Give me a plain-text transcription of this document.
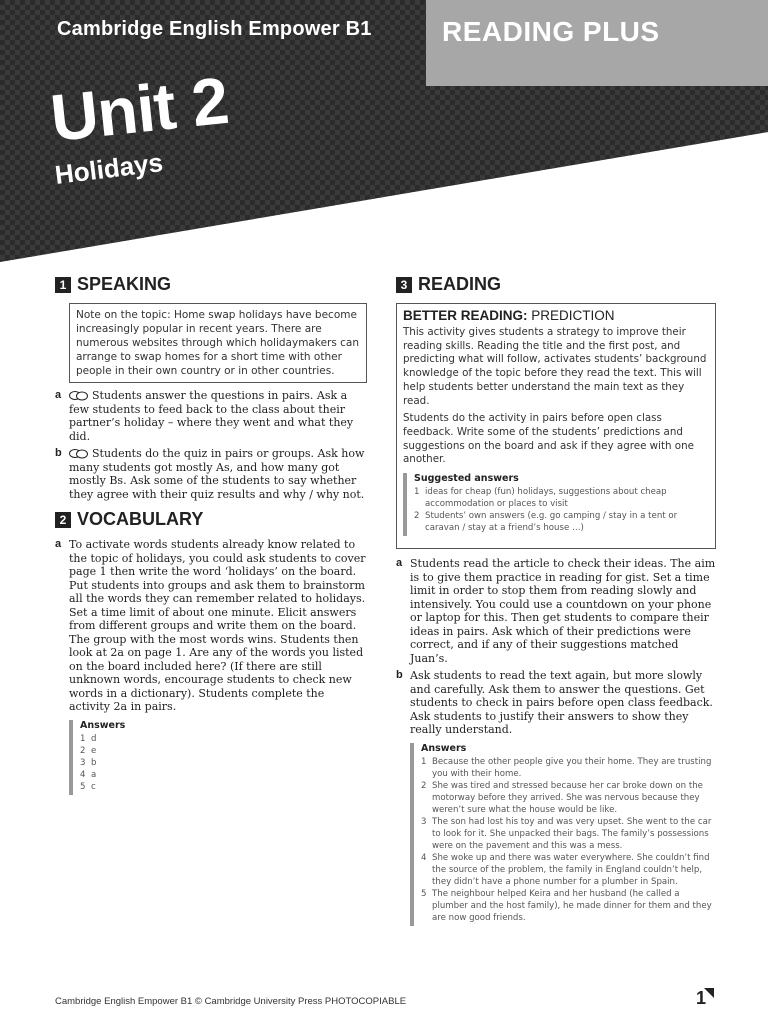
Cambridge English Empower B1	READING PLUS
Unit 2
Holidays
1 SPEAKING
Note on the topic: Home swap holidays have become increasingly popular in recent years. There are numerous websites through which holidaymakers can arrange to swap homes for a short time with other people in their own country or in other countries.
a	Students answer the questions in pairs. Ask a few students to feed back to the class about their partner’s holiday – where they went and what they did.
b	Students do the quiz in pairs or groups. Ask how many students got mostly As, and how many got mostly Bs. Ask some of the students to say whether they agree with their quiz results and why / why not.
2 VOCABULARY
a To activate words students already know related to the topic of holidays, you could ask students to cover page 1 then write the word ‘holidays’ on the board. Put students into groups and ask them to brainstorm all the words they can remember related to holidays. Set a time limit of about one minute. Elicit answers from different groups and write them on the board. The group with the most words wins. Students then look at 2a on page 1. Are any of the words you listed on the board included here? (If there are still unknown words, encourage students to check new words in a dictionary). Students complete the activity 2a in pairs.
Answers
1 d
2 e
3 b
4 a
5 c
3 READING
BETTER READING: PREDICTION
This activity gives students a strategy to improve their reading skills. Reading the title and the first post, and predicting what will follow, activates students’ background knowledge of the topic before they read the text. This will help students better understand the main text as they read.
Students do the activity in pairs before open class feedback. Write some of the students’ predictions and suggestions on the board and ask if they agree with one another.
Suggested answers
1 ideas for cheap (fun) holidays, suggestions about cheap accommodation or places to visit
2 Students’ own answers (e.g. go camping / stay in a tent or caravan / stay at a friend’s house …)
a Students read the article to check their ideas. The aim is to give them practice in reading for gist. Set a time limit in order to stop them from reading slowly and intensively. You could use a countdown on your phone or laptop for this. Then get students to compare their ideas in pairs. Ask which of their predictions were correct, and if any of their suggestions matched Juan’s.
b Ask students to read the text again, but more slowly and carefully. Ask them to answer the questions. Get students to check in pairs before open class feedback. Ask students to justify their answers to show they really understand.
Answers
1 Because the other people give you their home. They are trusting you with their home.
2 She was tired and stressed because her car broke down on the motorway before they arrived. She was nervous because they weren’t sure what the house would be like.
3 The son had lost his toy and was very upset. She went to the car to look for it. She unpacked their bags. The family’s possessions were on the pavement and this was a mess.
4 She woke up and there was water everywhere. She couldn’t find the source of the problem, the family in England couldn’t help, they didn’t have a phone number for a plumber in Spain.
5 The neighbour helped Keira and her husband (he called a plumber and the host family), he made dinner for them and they are now good friends.
Cambridge English Empower B1 © Cambridge University Press PHOTOCOPIABLE	1
